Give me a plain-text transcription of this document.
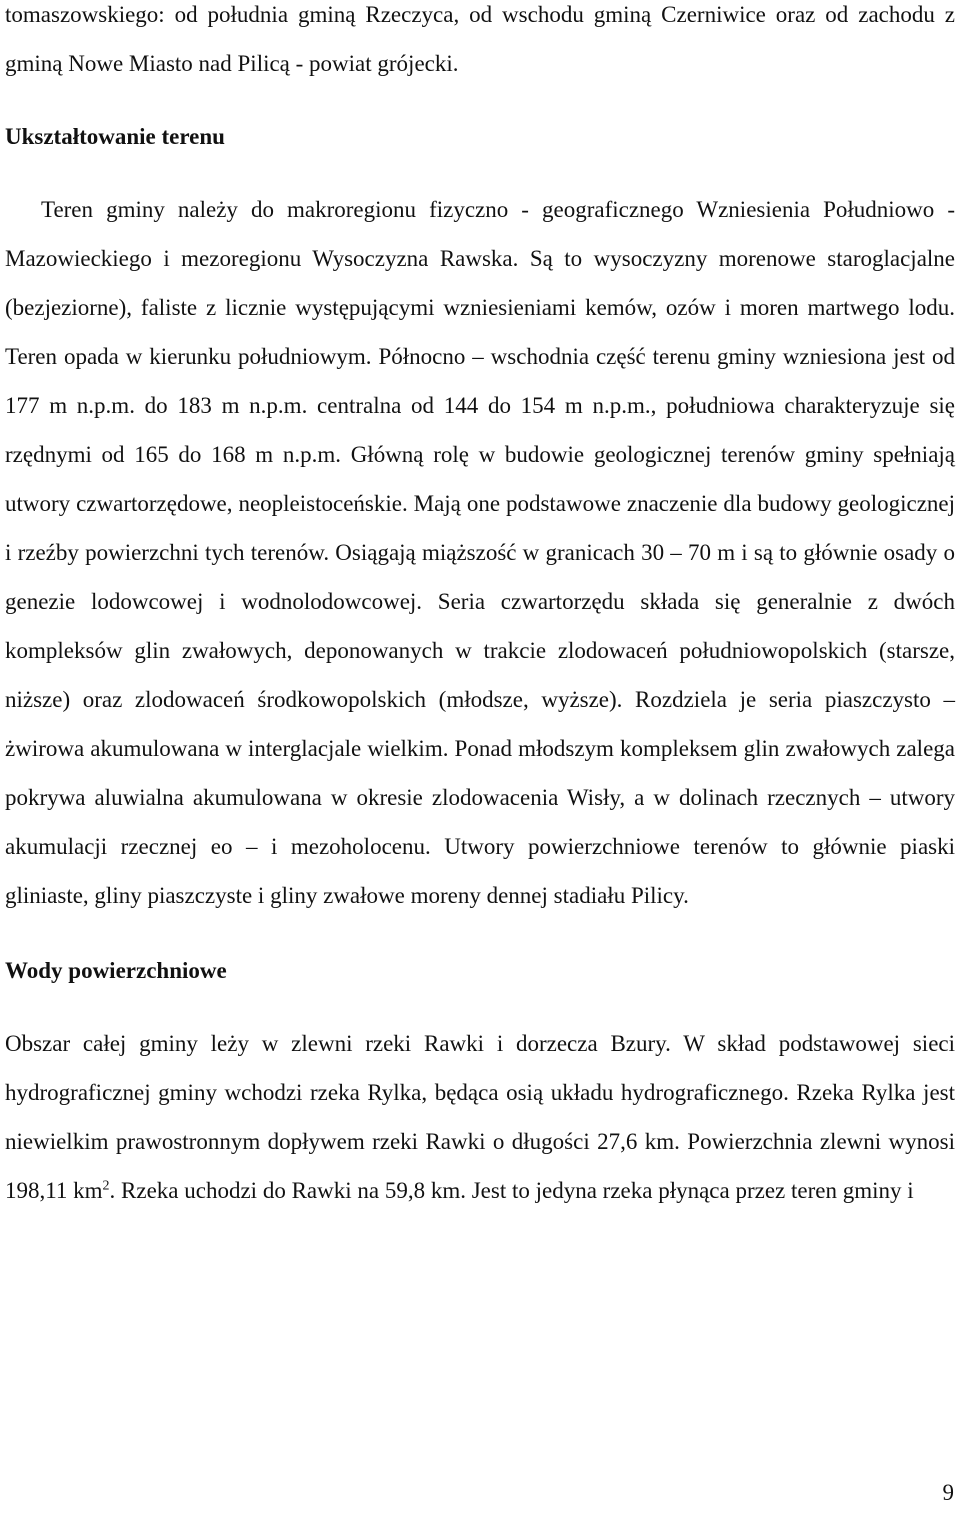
tomaszowskiego: od południa gminą Rzeczyca, od wschodu gminą Czerniwice oraz od zachodu z gminą Nowe Miasto nad Pilicą - powiat grójecki.

Ukształtowanie terenu

Teren gminy należy do makroregionu fizyczno - geograficznego Wzniesienia Południowo - Mazowieckiego i mezoregionu Wysoczyzna Rawska. Są to wysoczyzny morenowe staroglacjalne (bezjeziorne), faliste z licznie występującymi wzniesieniami kemów, ozów i moren martwego lodu. Teren opada w kierunku południowym. Północno – wschodnia część terenu gminy wzniesiona jest od 177 m n.p.m. do 183 m n.p.m. centralna od 144 do 154 m n.p.m., południowa charakteryzuje się rzędnymi od 165 do 168 m n.p.m. Główną rolę w budowie geologicznej terenów gminy spełniają utwory czwartorzędowe, neopleistoceńskie. Mają one podstawowe znaczenie dla budowy geologicznej i rzeźby powierzchni tych terenów. Osiągają miąższość w granicach 30 – 70 m i są to głównie osady o genezie lodowcowej i wodnolodowcowej. Seria czwartorzędu składa się generalnie z dwóch kompleksów glin zwałowych, deponowanych w trakcie zlodowaceń południowopolskich (starsze, niższe) oraz zlodowaceń środkowopolskich (młodsze, wyższe). Rozdziela je seria piaszczysto – żwirowa akumulowana w interglacjale wielkim. Ponad młodszym kompleksem glin zwałowych zalega pokrywa aluwialna akumulowana w okresie zlodowacenia Wisły, a w dolinach rzecznych – utwory akumulacji rzecznej eo – i mezoholocenu. Utwory powierzchniowe terenów to głównie piaski gliniaste, gliny piaszczyste i gliny zwałowe moreny dennej stadiału Pilicy.

Wody powierzchniowe

Obszar całej gminy leży w zlewni rzeki Rawki i dorzecza Bzury. W skład podstawowej sieci hydrograficznej gminy wchodzi rzeka Rylka, będąca osią układu hydrograficznego. Rzeka Rylka jest niewielkim prawostronnym dopływem rzeki Rawki o długości 27,6 km. Powierzchnia zlewni wynosi 198,11 $km^2$. Rzeka uchodzi do Rawki na 59,8 km. Jest to jedyna rzeka płynąca przez teren gminy i

9
